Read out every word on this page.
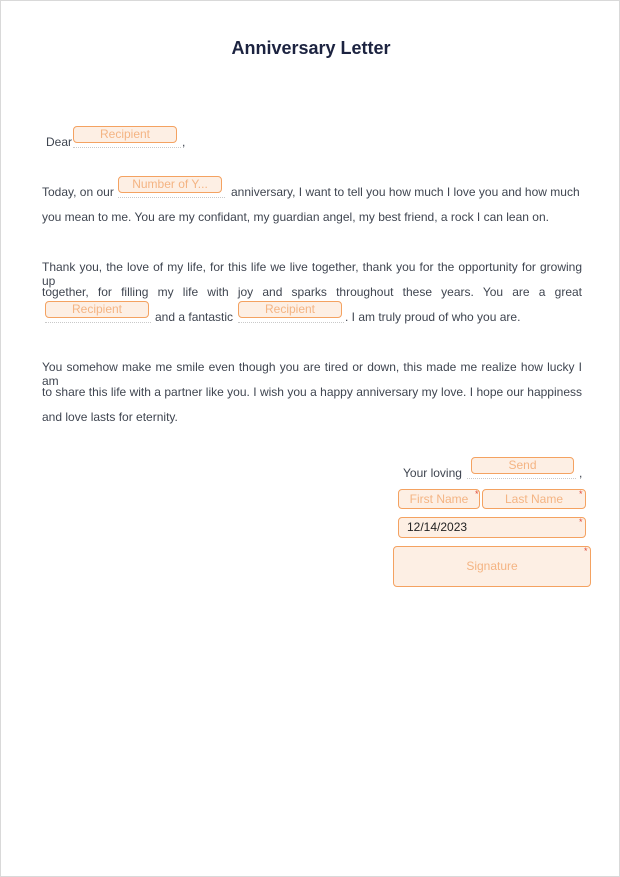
Anniversary Letter
Dear
Recipient
,
Today, on our
Number of Y...
anniversary, I want to tell you how much I love you and how much
you mean to me. You are my confidant, my guardian angel, my best friend, a rock I can lean on.
Thank you, the love of my life, for this life we live together, thank you for the opportunity for growing up
together, for filling my life with joy and sparks throughout these years. You are a great
Recipient
and a fantastic
Recipient
. I am truly proud of who you are.
You somehow make me smile even though you are tired or down, this made me realize how lucky I am
to share this life with a partner like you. I wish you a happy anniversary my love. I hope our happiness
and love lasts for eternity.
Your loving
Send
,
First Name *	Last Name	*
12/14/2023	*
Signature
*
